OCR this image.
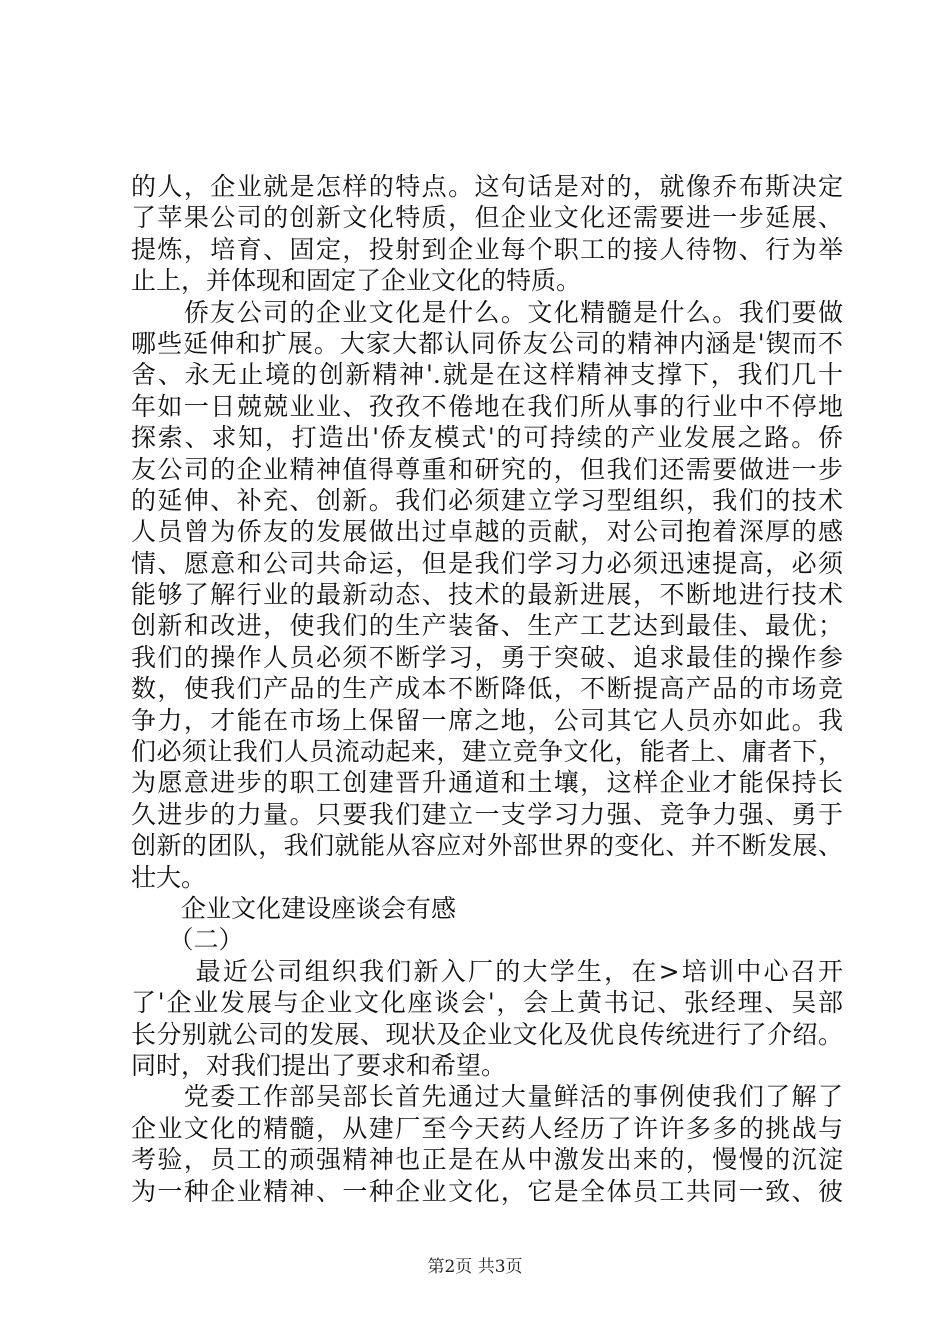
的人，企业就是怎样的特点。这句话是对的，就像乔布斯决定
了苹果公司的创新文化特质，但企业文化还需要进一步延展、
提炼，培育、固定，投射到企业每个职工的接人待物、行为举
止上，并体现和固定了企业文化的特质。
　　侨友公司的企业文化是什么。文化精髓是什么。我们要做
哪些延伸和扩展。大家大都认同侨友公司的精神内涵是'锲而不
舍、永无止境的创新精神'.就是在这样精神支撑下，我们几十
年如一日兢兢业业、孜孜不倦地在我们所从事的行业中不停地
探索、求知，打造出'侨友模式'的可持续的产业发展之路。侨
友公司的企业精神值得尊重和研究的，但我们还需要做进一步
的延伸、补充、创新。我们必须建立学习型组织，我们的技术
人员曾为侨友的发展做出过卓越的贡献，对公司抱着深厚的感
情、愿意和公司共命运，但是我们学习力必须迅速提高，必须
能够了解行业的最新动态、技术的最新进展，不断地进行技术
创新和改进，使我们的生产装备、生产工艺达到最佳、最优；
我们的操作人员必须不断学习，勇于突破、追求最佳的操作参
数，使我们产品的生产成本不断降低，不断提高产品的市场竞
争力，才能在市场上保留一席之地，公司其它人员亦如此。我
们必须让我们人员流动起来，建立竞争文化，能者上、庸者下，
为愿意进步的职工创建晋升通道和土壤，这样企业才能保持长
久进步的力量。只要我们建立一支学习力强、竞争力强、勇于
创新的团队，我们就能从容应对外部世界的变化、并不断发展、
壮大。
　　企业文化建设座谈会有感
　　（二）
　　 最近公司组织我们新入厂的大学生，在>培训中心召开
了'企业发展与企业文化座谈会'，会上黄书记、张经理、吴部
长分别就公司的发展、现状及企业文化及优良传统进行了介绍。
同时，对我们提出了要求和希望。
　　党委工作部吴部长首先通过大量鲜活的事例使我们了解了
企业文化的精髓，从建厂至今天药人经历了许许多多的挑战与
考验，员工的顽强精神也正是在从中激发出来的，慢慢的沉淀
为一种企业精神、一种企业文化，它是全体员工共同一致、彼
第2页 共3页
